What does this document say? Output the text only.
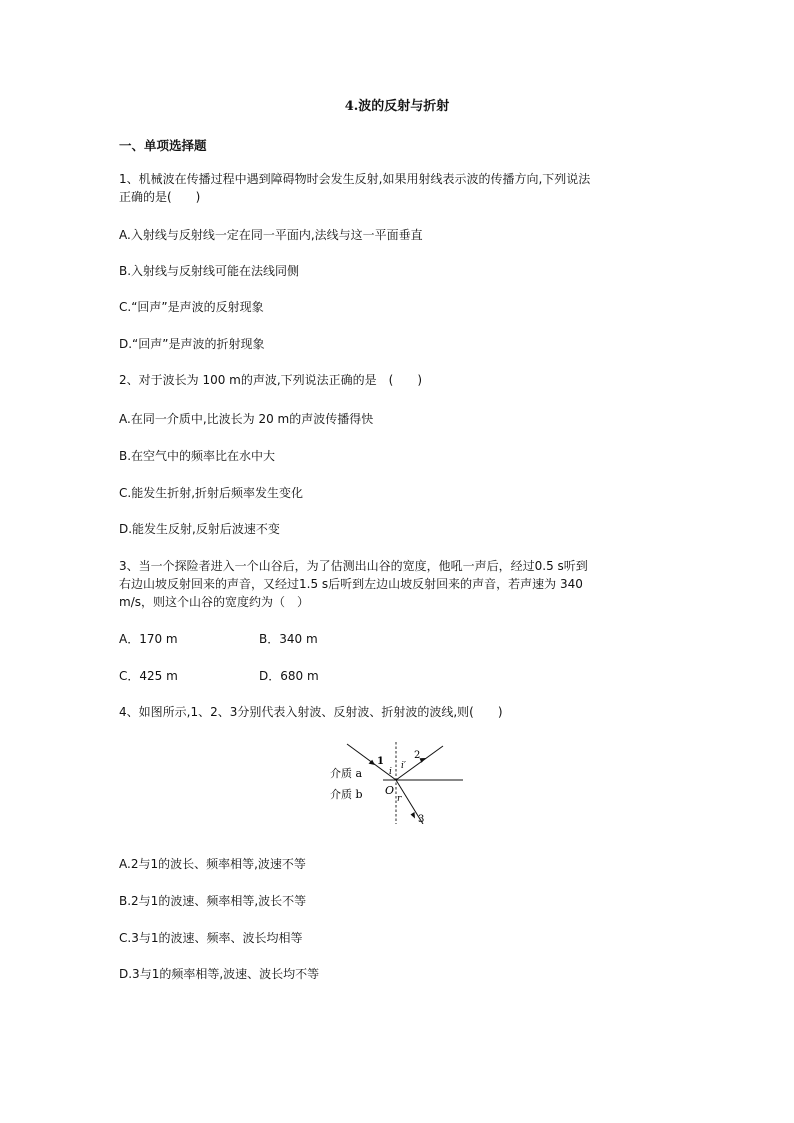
4.波的反射与折射
一、单项选择题
1、机械波在传播过程中遇到障碍物时会发生反射,如果用射线表示波的传播方向,下列说法
正确的是(　　)
A.入射线与反射线一定在同一平面内,法线与这一平面垂直
B.入射线与反射线可能在法线同侧
C.“回声”是声波的反射现象
D.“回声”是声波的折射现象
2、对于波长为 100 m的声波,下列说法正确的是　(　　)
A.在同一介质中,比波长为 20 m的声波传播得快
B.在空气中的频率比在水中大
C.能发生折射,折射后频率发生变化
D.能发生反射,反射后波速不变
3、当一个探险者进入一个山谷后，为了估测出山谷的宽度，他吼一声后，经过0.5 s听到
右边山坡反射回来的声音，又经过1.5 s后听到左边山坡反射回来的声音，若声速为 340
m/s，则这个山谷的宽度约为（　）
A．170 m	B．340 m
C．425 m	D．680 m
4、如图所示,1、2、3分别代表入射波、反射波、折射波的波线,则(　　)
介质 a
介质 b O
1
2
3
i
i′
r
A.2与1的波长、频率相等,波速不等
B.2与1的波速、频率相等,波长不等
C.3与1的波速、频率、波长均相等
D.3与1的频率相等,波速、波长均不等
